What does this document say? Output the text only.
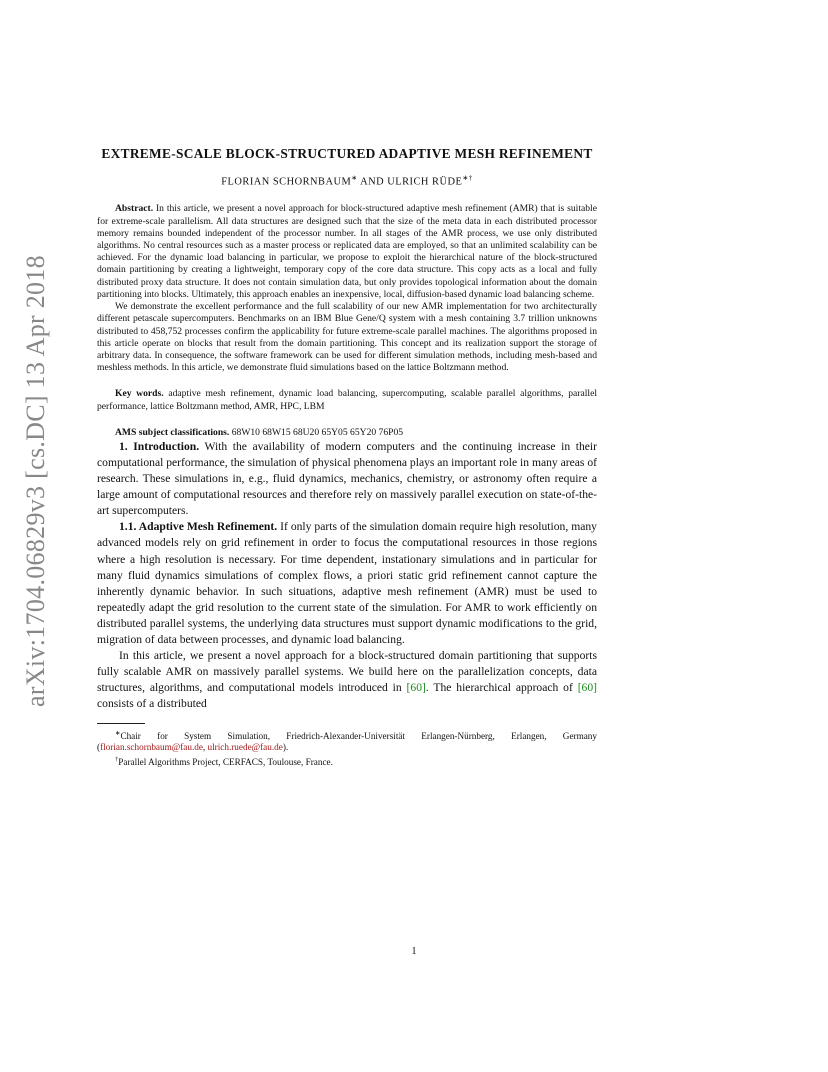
arXiv:1704.06829v3 [cs.DC] 13 Apr 2018
EXTREME-SCALE BLOCK-STRUCTURED ADAPTIVE MESH REFINEMENT
FLORIAN SCHORNBAUM∗ AND ULRICH RÜDE∗†

Abstract. In this article, we present a novel approach for block-structured adaptive mesh refinement (AMR) that is suitable for extreme-scale parallelism. All data structures are designed such that the size of the meta data in each distributed processor memory remains bounded independent of the processor number. In all stages of the AMR process, we use only distributed algorithms. No central resources such as a master process or replicated data are employed, so that an unlimited scalability can be achieved. For the dynamic load balancing in particular, we propose to exploit the hierarchical nature of the block-structured domain partitioning by creating a lightweight, temporary copy of the core data structure. This copy acts as a local and fully distributed proxy data structure. It does not contain simulation data, but only provides topological information about the domain partitioning into blocks. Ultimately, this approach enables an inexpensive, local, diffusion-based dynamic load balancing scheme.

We demonstrate the excellent performance and the full scalability of our new AMR implementation for two architecturally different petascale supercomputers. Benchmarks on an IBM Blue Gene/Q system with a mesh containing 3.7 trillion unknowns distributed to 458,752 processes confirm the applicability for future extreme-scale parallel machines. The algorithms proposed in this article operate on blocks that result from the domain partitioning. This concept and its realization support the storage of arbitrary data. In consequence, the software framework can be used for different simulation methods, including mesh-based and meshless methods. In this article, we demonstrate fluid simulations based on the lattice Boltzmann method.

Key words. adaptive mesh refinement, dynamic load balancing, supercomputing, scalable parallel algorithms, parallel performance, lattice Boltzmann method, AMR, HPC, LBM

AMS subject classifications. 68W10 68W15 68U20 65Y05 65Y20 76P05

1. Introduction. With the availability of modern computers and the continuing increase in their computational performance, the simulation of physical phenomena plays an important role in many areas of research. These simulations in, e.g., fluid dynamics, mechanics, chemistry, or astronomy often require a large amount of computational resources and therefore rely on massively parallel execution on state-of-the-art supercomputers.

1.1. Adaptive Mesh Refinement. If only parts of the simulation domain require high resolution, many advanced models rely on grid refinement in order to focus the computational resources in those regions where a high resolution is necessary. For time dependent, instationary simulations and in particular for many fluid dynamics simulations of complex flows, a priori static grid refinement cannot capture the inherently dynamic behavior. In such situations, adaptive mesh refinement (AMR) must be used to repeatedly adapt the grid resolution to the current state of the simulation. For AMR to work efficiently on distributed parallel systems, the underlying data structures must support dynamic modifications to the grid, migration of data between processes, and dynamic load balancing.

In this article, we present a novel approach for a block-structured domain partitioning that supports fully scalable AMR on massively parallel systems. We build here on the parallelization concepts, data structures, algorithms, and computational models introduced in [60]. The hierarchical approach of [60] consists of a distributed

∗Chair for System Simulation, Friedrich-Alexander-Universität Erlangen-Nürnberg, Erlangen, Germany (florian.schornbaum@fau.de, ulrich.ruede@fau.de).

†Parallel Algorithms Project, CERFACS, Toulouse, France.

1
